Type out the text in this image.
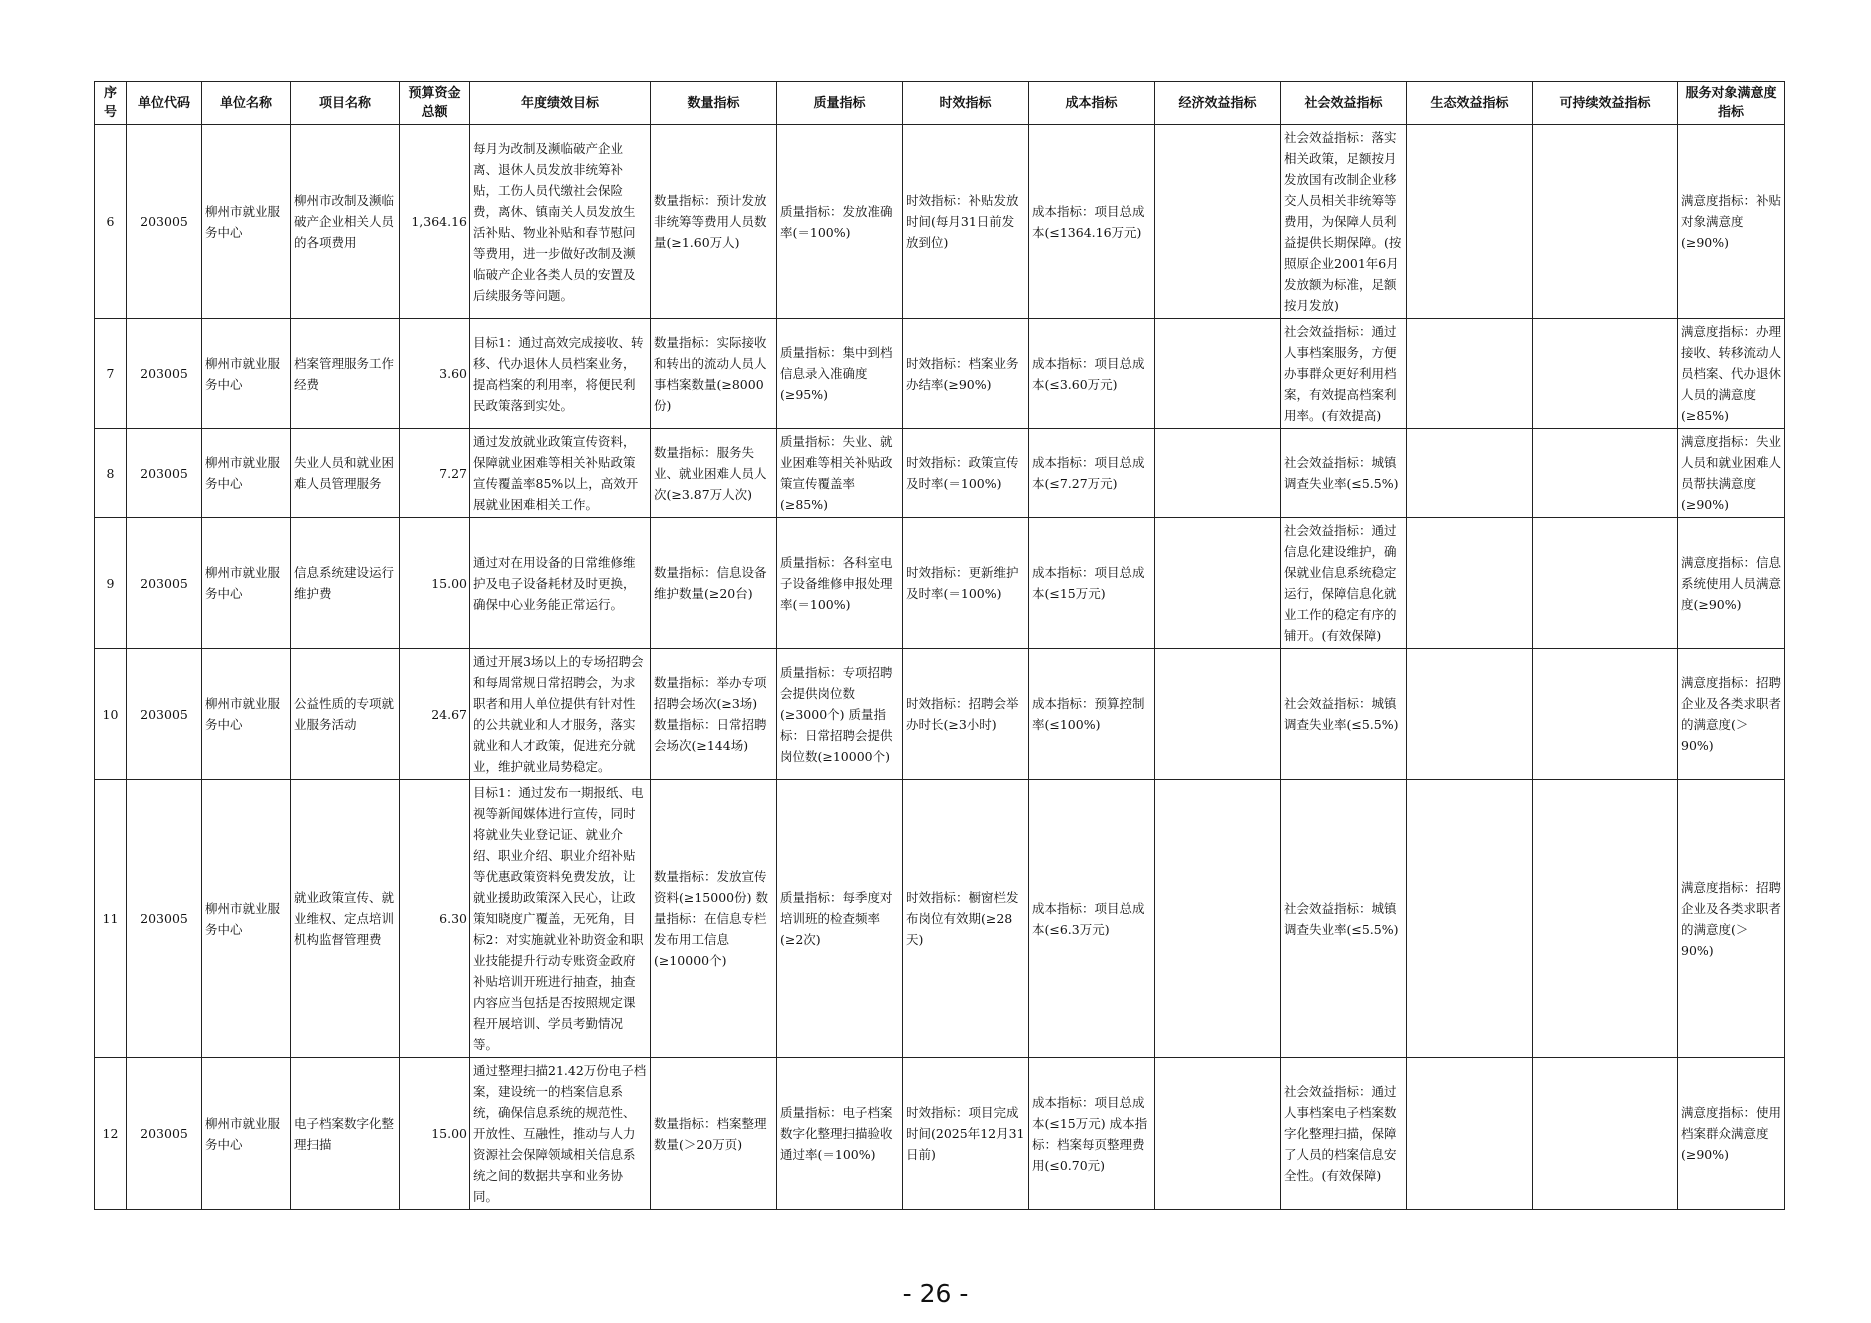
序号	单位代码	单位名称	项目名称	预算资金总额	年度绩效目标	数量指标	质量指标	时效指标	成本指标	经济效益指标	社会效益指标	生态效益指标	可持续效益指标	服务对象满意度指标
6	203005	柳州市就业服务中心	柳州市改制及濒临破产企业相关人员的各项费用	1,364.16	每月为改制及濒临破产企业离、退休人员发放非统筹补贴，工伤人员代缴社会保险费，离休、镇南关人员发放生活补贴、物业补贴和春节慰问等费用，进一步做好改制及濒临破产企业各类人员的安置及后续服务等问题。	数量指标：预计发放非统筹等费用人员数量(≥1.60万人)	质量指标：发放准确率(＝100%)	时效指标：补贴发放时间(每月31日前发放到位)	成本指标：项目总成本(≤1364.16万元)		社会效益指标：落实相关政策，足额按月发放国有改制企业移交人员相关非统筹等费用，为保障人员利益提供长期保障。(按照原企业2001年6月发放额为标准，足额按月发放)			满意度指标：补贴对象满意度(≥90%)
7	203005	柳州市就业服务中心	档案管理服务工作经费	3.60	目标1：通过高效完成接收、转移、代办退休人员档案业务，提高档案的利用率，将便民利民政策落到实处。	数量指标：实际接收和转出的流动人员人事档案数量(≥8000份)	质量指标：集中到档信息录入准确度(≥95%)	时效指标：档案业务办结率(≥90%)	成本指标：项目总成本(≤3.60万元)		社会效益指标：通过人事档案服务，方便办事群众更好利用档案，有效提高档案利用率。(有效提高)			满意度指标：办理接收、转移流动人员档案、代办退休人员的满意度(≥85%)
8	203005	柳州市就业服务中心	失业人员和就业困难人员管理服务	7.27	通过发放就业政策宣传资料，保障就业困难等相关补贴政策宣传覆盖率85%以上，高效开展就业困难相关工作。	数量指标：服务失业、就业困难人员人次(≥3.87万人次)	质量指标：失业、就业困难等相关补贴政策宣传覆盖率(≥85%)	时效指标：政策宣传及时率(＝100%)	成本指标：项目总成本(≤7.27万元)		社会效益指标：城镇调查失业率(≤5.5%)			满意度指标：失业人员和就业困难人员帮扶满意度(≥90%)
9	203005	柳州市就业服务中心	信息系统建设运行维护费	15.00	通过对在用设备的日常维修维护及电子设备耗材及时更换，确保中心业务能正常运行。	数量指标：信息设备维护数量(≥20台)	质量指标：各科室电子设备维修申报处理率(＝100%)	时效指标：更新维护及时率(＝100%)	成本指标：项目总成本(≤15万元)		社会效益指标：通过信息化建设维护，确保就业信息系统稳定运行，保障信息化就业工作的稳定有序的铺开。(有效保障)			满意度指标：信息系统使用人员满意度(≥90%)
10	203005	柳州市就业服务中心	公益性质的专项就业服务活动	24.67	通过开展3场以上的专场招聘会和每周常规日常招聘会，为求职者和用人单位提供有针对性的公共就业和人才服务，落实就业和人才政策，促进充分就业，维护就业局势稳定。	数量指标：举办专项招聘会场次(≥3场) 数量指标：日常招聘会场次(≥144场)	质量指标：专项招聘会提供岗位数(≥3000个) 质量指标：日常招聘会提供岗位数(≥10000个)	时效指标：招聘会举办时长(≥3小时)	成本指标：预算控制率(≤100%)		社会效益指标：城镇调查失业率(≤5.5%)			满意度指标：招聘企业及各类求职者的满意度(＞90%)
11	203005	柳州市就业服务中心	就业政策宣传、就业维权、定点培训机构监督管理费	6.30	目标1：通过发布一期报纸、电视等新闻媒体进行宣传，同时将就业失业登记证、就业介绍、职业介绍、职业介绍补贴等优惠政策资料免费发放，让就业援助政策深入民心，让政策知晓度广覆盖，无死角，目标2：对实施就业补助资金和职业技能提升行动专账资金政府补贴培训开班进行抽查，抽查内容应当包括是否按照规定课程开展培训、学员考勤情况等。	数量指标：发放宣传资料(≥15000份) 数量指标：在信息专栏发布用工信息(≥10000个)	质量指标：每季度对培训班的检查频率(≥2次)	时效指标：橱窗栏发布岗位有效期(≥28天)	成本指标：项目总成本(≤6.3万元)		社会效益指标：城镇调查失业率(≤5.5%)			满意度指标：招聘企业及各类求职者的满意度(＞90%)
12	203005	柳州市就业服务中心	电子档案数字化整理扫描	15.00	通过整理扫描21.42万份电子档案，建设统一的档案信息系统，确保信息系统的规范性、开放性、互融性，推动与人力资源社会保障领域相关信息系统之间的数据共享和业务协同。	数量指标：档案整理数量(＞20万页)	质量指标：电子档案数字化整理扫描验收通过率(＝100%)	时效指标：项目完成时间(2025年12月31日前)	成本指标：项目总成本(≤15万元) 成本指标：档案每页整理费用(≤0.70元)		社会效益指标：通过人事档案电子档案数字化整理扫描，保障了人员的档案信息安全性。(有效保障)			满意度指标：使用档案群众满意度(≥90%)
- 26 -
